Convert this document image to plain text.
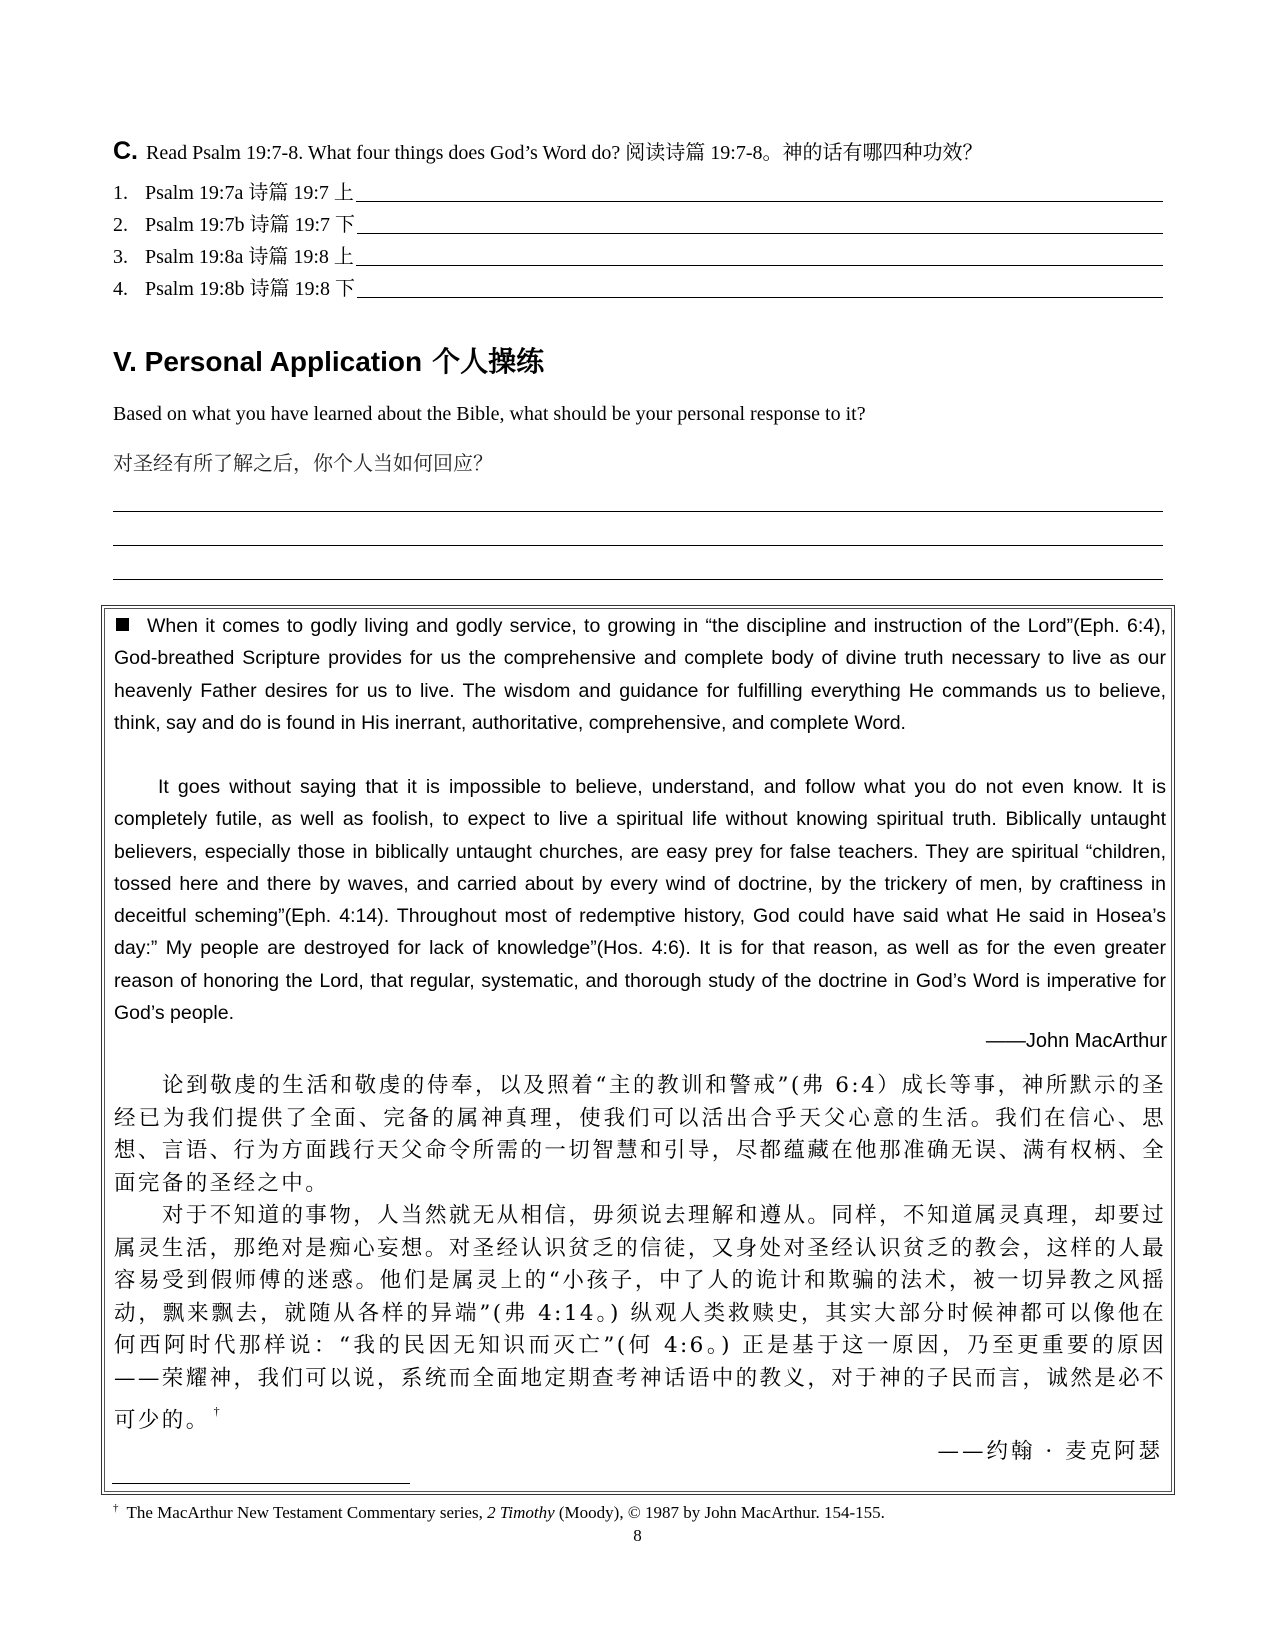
C. Read Psalm 19:7-8. What four things does God’s Word do? 阅读诗篇 19:7-8。神的话有哪四种功效？
1. Psalm 19:7a 诗篇 19:7 上
2. Psalm 19:7b 诗篇 19:7 下
3. Psalm 19:8a 诗篇 19:8 上
4. Psalm 19:8b 诗篇 19:8 下
V. Personal Application 个人操练
Based on what you have learned about the Bible, what should be your personal response to it?
对圣经有所了解之后，你个人当如何回应？
When it comes to godly living and godly service, to growing in “the discipline and instruction of the Lord”(Eph. 6:4), God-breathed Scripture provides for us the comprehensive and complete body of divine truth necessary to live as our heavenly Father desires for us to live. The wisdom and guidance for fulfilling everything He commands us to believe, think, say and do is found in His inerrant, authoritative, comprehensive, and complete Word.
It goes without saying that it is impossible to believe, understand, and follow what you do not even know. It is completely futile, as well as foolish, to expect to live a spiritual life without knowing spiritual truth. Biblically untaught believers, especially those in biblically untaught churches, are easy prey for false teachers. They are spiritual “children, tossed here and there by waves, and carried about by every wind of doctrine, by the trickery of men, by craftiness in deceitful scheming”(Eph. 4:14). Throughout most of redemptive history, God could have said what He said in Hosea’s day:” My people are destroyed for lack of knowledge”(Hos. 4:6). It is for that reason, as well as for the even greater reason of honoring the Lord, that regular, systematic, and thorough study of the doctrine in God’s Word is imperative for God’s people.
——John MacArthur
论到敬虔的生活和敬虔的侍奉，以及照着“主的教训和警戒”(弗 6:4）成长等事，神所默示的圣经已为我们提供了全面、完备的属神真理，使我们可以活出合乎天父心意的生活。我们在信心、思想、言语、行为方面践行天父命令所需的一切智慧和引导，尽都蕴藏在他那准确无误、满有权柄、全面完备的圣经之中。
对于不知道的事物，人当然就无从相信，毋须说去理解和遵从。同样，不知道属灵真理，却要过属灵生活，那绝对是痴心妄想。对圣经认识贫乏的信徒，又身处对圣经认识贫乏的教会，这样的人最容易受到假师傅的迷惑。他们是属灵上的“小孩子，中了人的诡计和欺骗的法术，被一切异教之风摇动，飘来飘去，就随从各样的异端”(弗 4:14。) 纵观人类救赎史，其实大部分时候神都可以像他在何西阿时代那样说：“我的民因无知识而灭亡”(何 4:6。) 正是基于这一原因，乃至更重要的原因——荣耀神，我们可以说，系统而全面地定期查考神话语中的教义，对于神的子民而言，诚然是必不可少的。 †
——约翰 · 麦克阿瑟
† The MacArthur New Testament Commentary series, 2 Timothy (Moody), © 1987 by John MacArthur. 154-155.
8
